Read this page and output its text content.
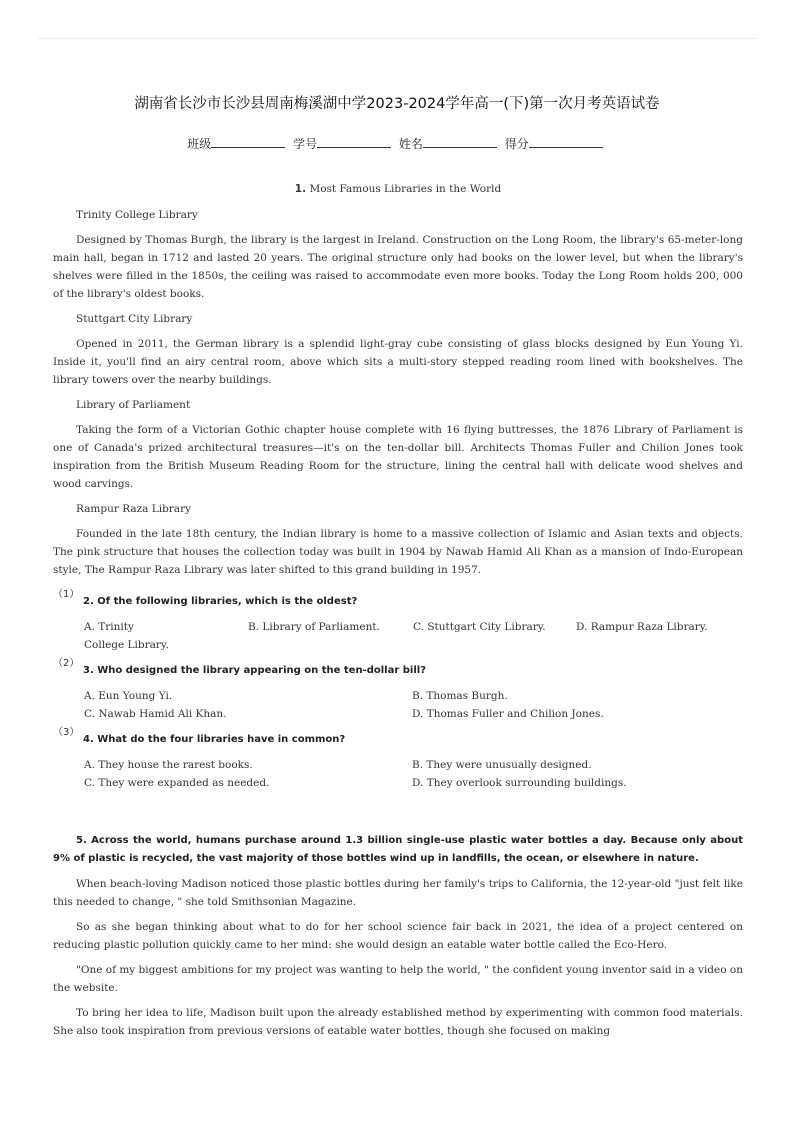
湖南省长沙市长沙县周南梅溪湖中学2023-2024学年高一(下)第一次月考英语试卷
班级	学号	姓名	得分
1. Most Famous Libraries in the World
Trinity College Library
Designed by Thomas Burgh, the library is the largest in Ireland. Construction on the Long Room, the library's 65-meter-long main hall, began in 1712 and lasted 20 years. The original structure only had books on the lower level, but when the library's shelves were filled in the 1850s, the ceiling was raised to accommodate even more books. Today the Long Room holds 200, 000 of the library's oldest books.
Stuttgart City Library
Opened in 2011, the German library is a splendid light-gray cube consisting of glass blocks designed by Eun Young Yi. Inside it, you'll find an airy central room, above which sits a multi-story stepped reading room lined with bookshelves. The library towers over the nearby buildings.
Library of Parliament
Taking the form of a Victorian Gothic chapter house complete with 16 flying buttresses, the 1876 Library of Parliament is one of Canada's prized architectural treasures—it's on the ten-dollar bill. Architects Thomas Fuller and Chilion Jones took inspiration from the British Museum Reading Room for the structure, lining the central hall with delicate wood shelves and wood carvings.
Rampur Raza Library
Founded in the late 18th century, the Indian library is home to a massive collection of Islamic and Asian texts and objects. The pink structure that houses the collection today was built in 1904 by Nawab Hamid Ali Khan as a mansion of Indo-European style, The Rampur Raza Library was later shifted to this grand building in 1957.
（1）
2. Of the following libraries, which is the oldest?
A. Trinity College Library.
B. Library of Parliament.	C. Stuttgart City Library.	D. Rampur Raza Library.
（2）
3. Who designed the library appearing on the ten-dollar bill?
A. Eun Young Yi.	B. Thomas Burgh.
C. Nawab Hamid Ali Khan.	D. Thomas Fuller and Chilion Jones.
（3）
4. What do the four libraries have in common?
A. They house the rarest books.	B. They were unusually designed.
C. They were expanded as needed.	D. They overlook surrounding buildings.
5. Across the world, humans purchase around 1.3 billion single-use plastic water bottles a day. Because only about 9% of plastic is recycled, the vast majority of those bottles wind up in landfills, the ocean, or elsewhere in nature.
When beach-loving Madison noticed those plastic bottles during her family's trips to California, the 12-year-old "just felt like this needed to change, " she told Smithsonian Magazine.
So as she began thinking about what to do for her school science fair back in 2021, the idea of a project centered on reducing plastic pollution quickly came to her mind: she would design an eatable water bottle called the Eco-Hero.
"One of my biggest ambitions for my project was wanting to help the world, " the confident young inventor said in a video on the website.
To bring her idea to life, Madison built upon the already established method by experimenting with common food materials. She also took inspiration from previous versions of eatable water bottles, though she focused on making
